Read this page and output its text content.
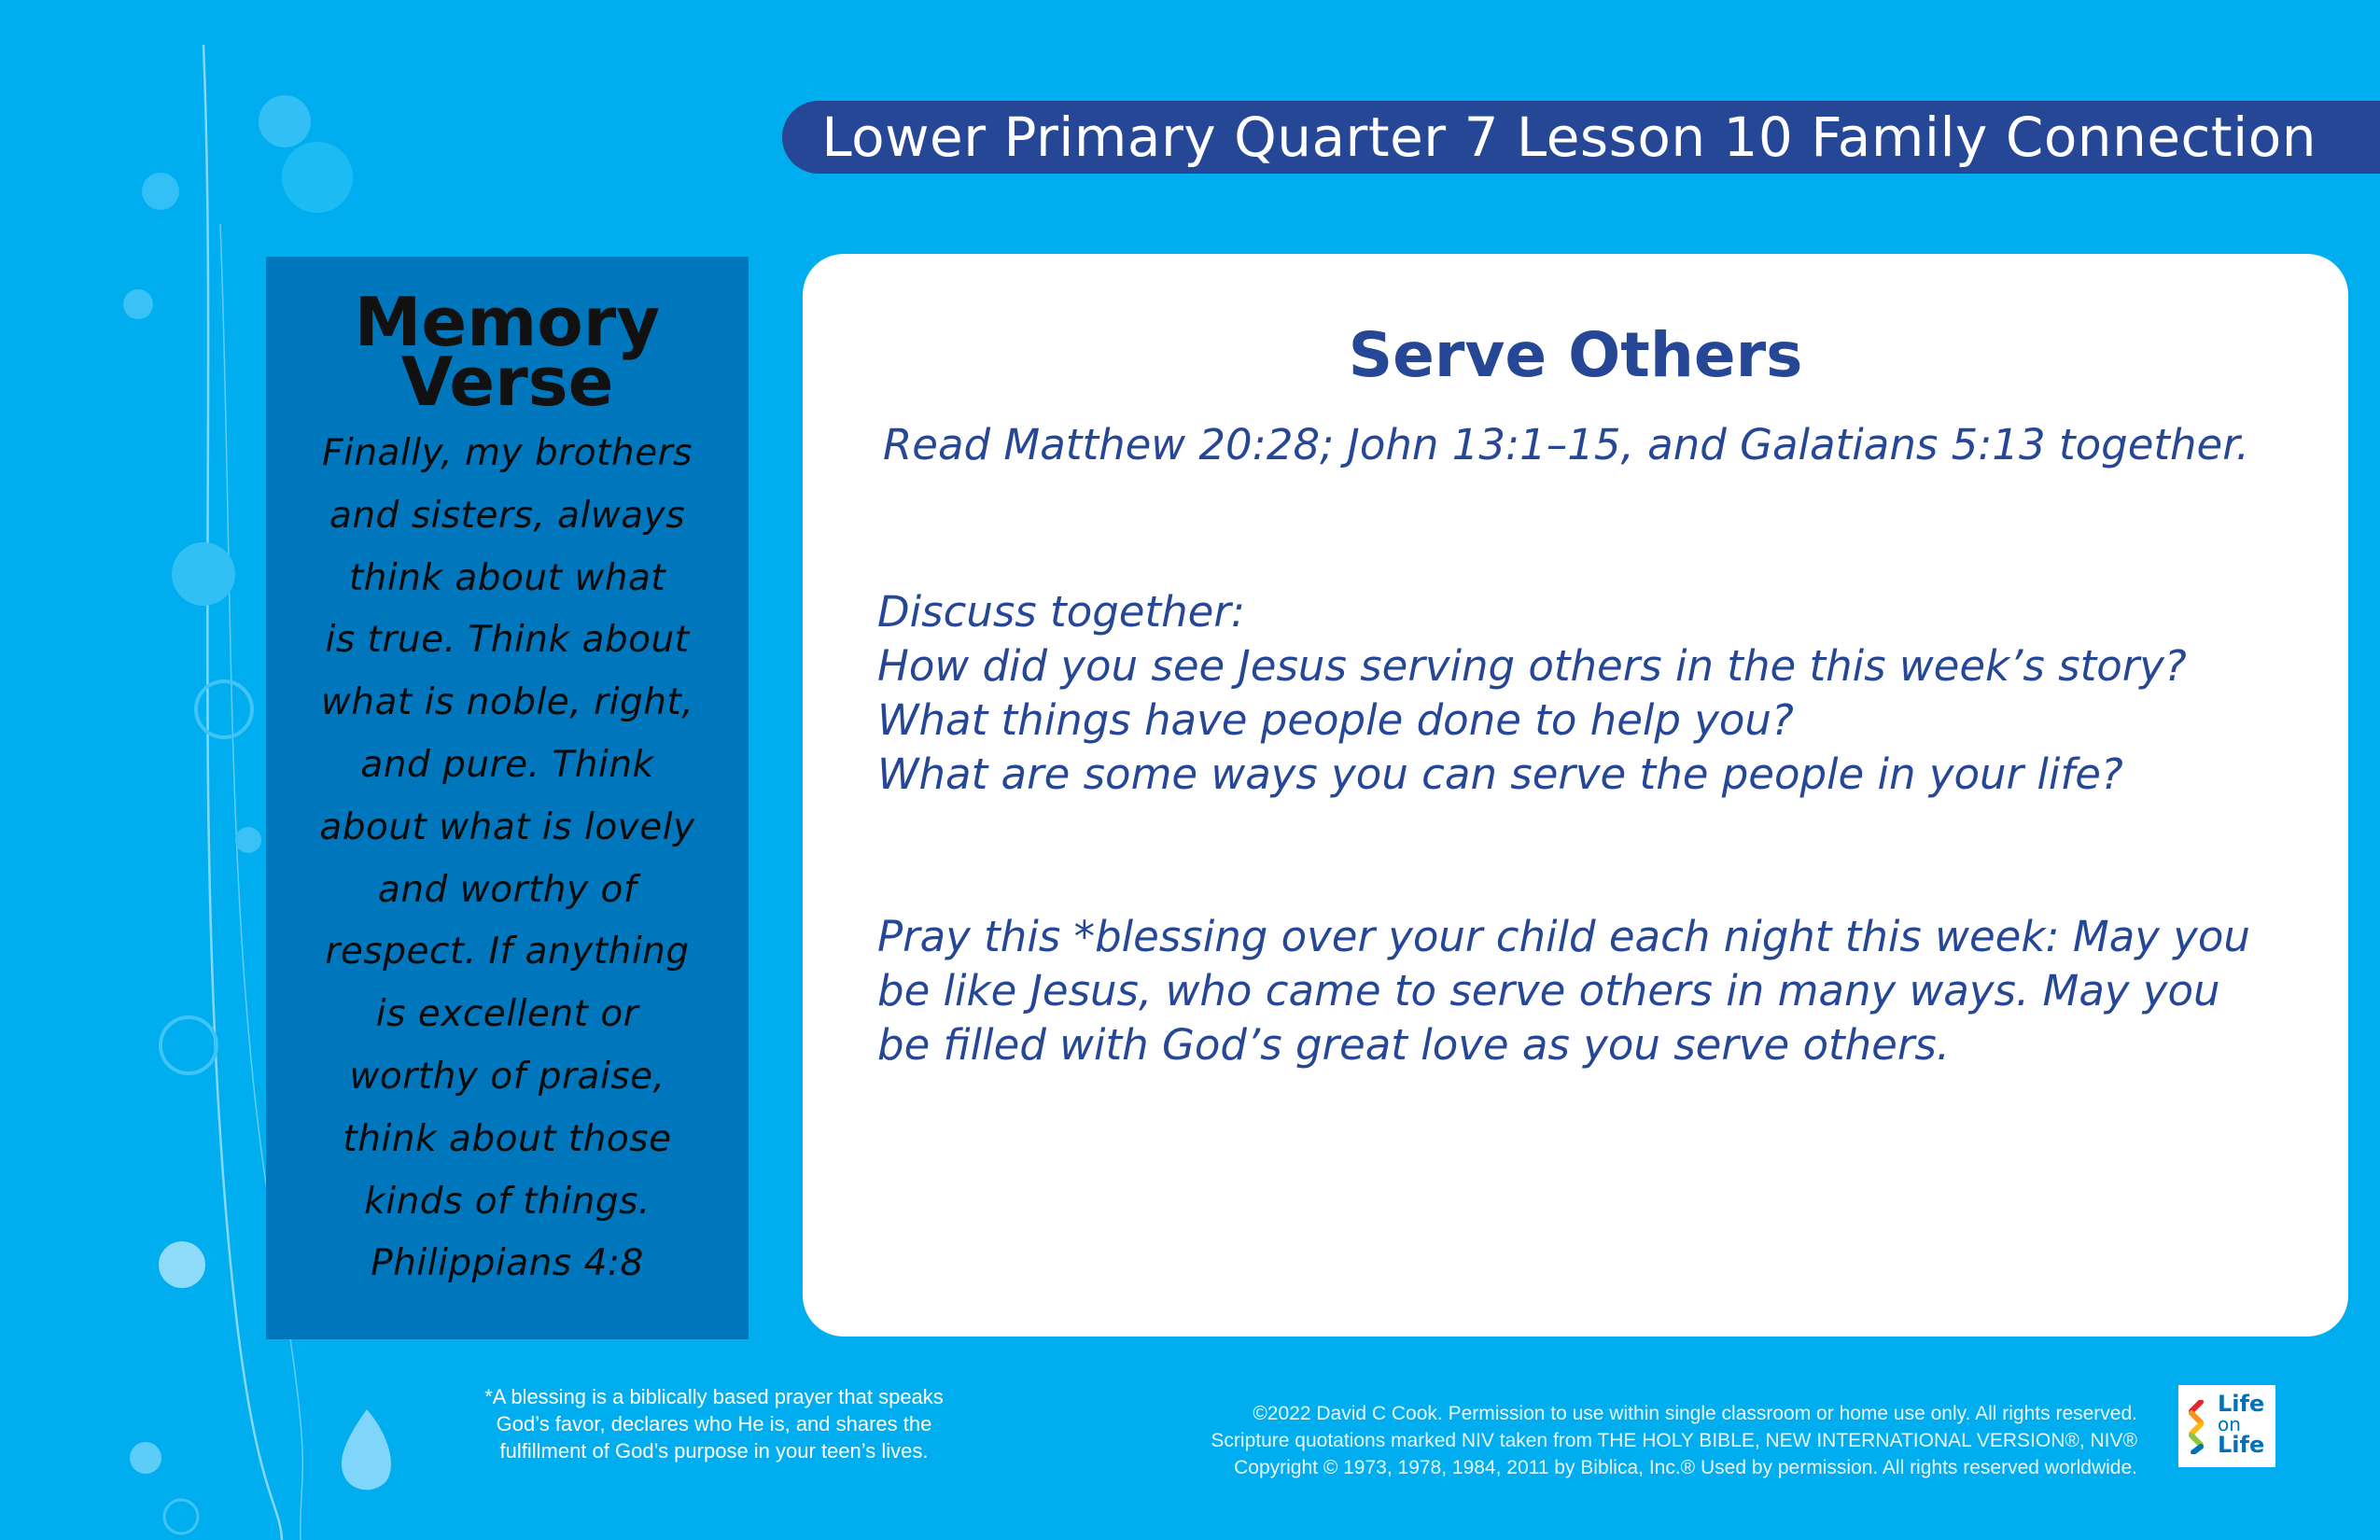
Lower Primary Quarter 7 Lesson 10 Family Connection
Memory
Verse
Finally, my brothers
and sisters, always
think about what
is true. Think about
what is noble, right,
and pure. Think
about what is lovely
and worthy of
respect. If anything
is excellent or
worthy of praise,
think about those
kinds of things.
Philippians 4:8
Serve Others
Read Matthew 20:28; John 13:1–15, and Galatians 5:13 together.
Discuss together:
How did you see Jesus serving others in the this week’s story?
What things have people done to help you?
What are some ways you can serve the people in your life?
Pray this *blessing over your child each night this week: May you
be like Jesus, who came to serve others in many ways. May you
be filled with God’s great love as you serve others.
*A blessing is a biblically based prayer that speaks
God’s favor, declares who He is, and shares the
fulfillment of God’s purpose in your teen’s lives.
©2022 David C Cook. Permission to use within single classroom or home use only. All rights reserved.
Scripture quotations marked NIV taken from THE HOLY BIBLE, NEW INTERNATIONAL VERSION®, NIV®
Copyright © 1973, 1978, 1984, 2011 by Biblica, Inc.® Used by permission. All rights reserved worldwide.
Life
on
Life
